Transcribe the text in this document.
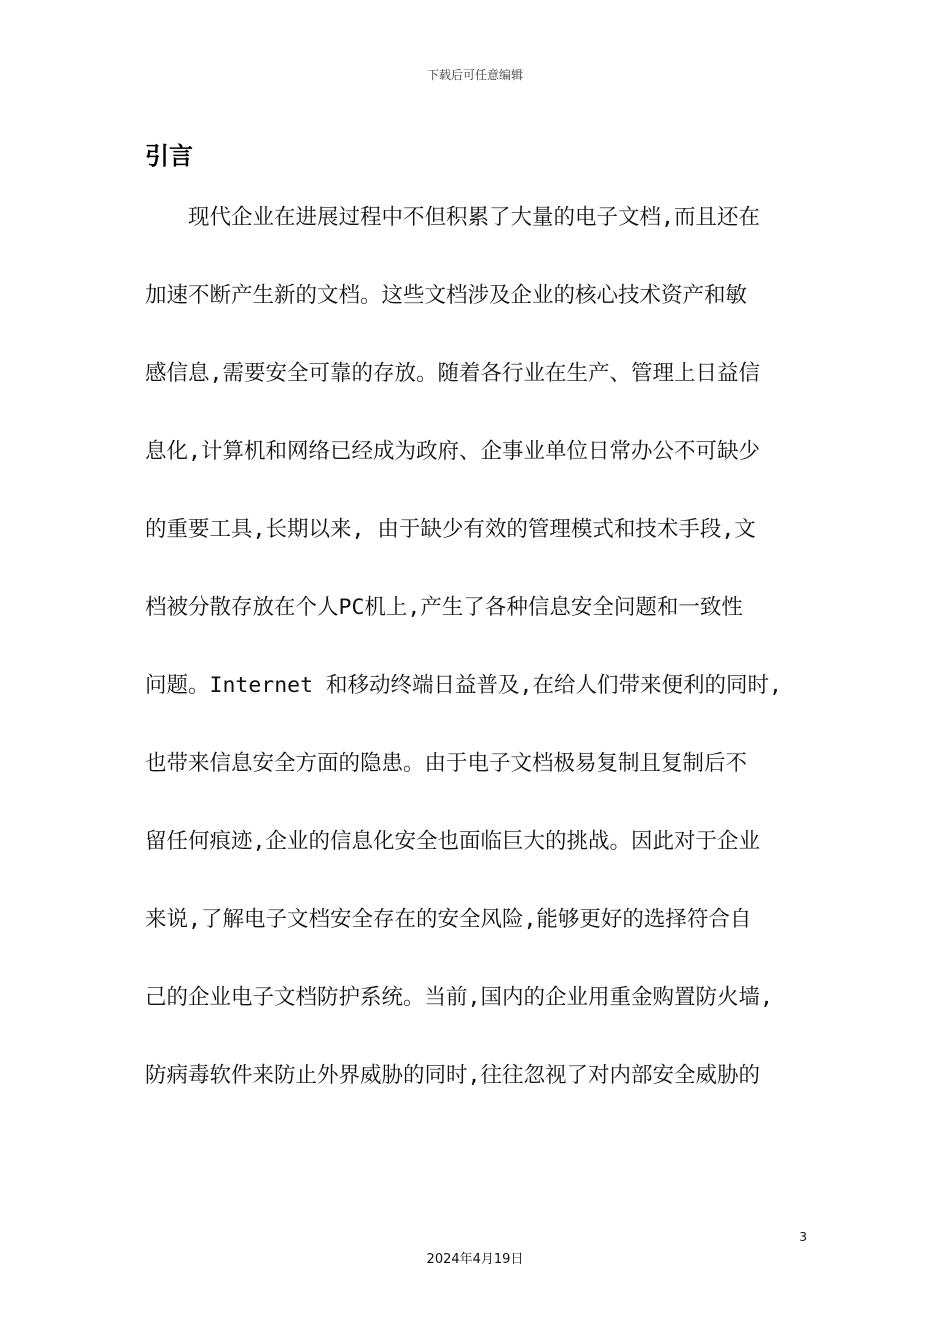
下载后可任意编辑
引言
　　现代企业在进展过程中不但积累了大量的电子文档,而且还在
加速不断产生新的文档。这些文档涉及企业的核心技术资产和敏
感信息,需要安全可靠的存放。随着各行业在生产、管理上日益信
息化,计算机和网络已经成为政府、企事业单位日常办公不可缺少
的重要工具,长期以来, 由于缺少有效的管理模式和技术手段,文
档被分散存放在个人PC机上,产生了各种信息安全问题和一致性
问题。Internet 和移动终端日益普及,在给人们带来便利的同时,
也带来信息安全方面的隐患。由于电子文档极易复制且复制后不
留任何痕迹,企业的信息化安全也面临巨大的挑战。因此对于企业
来说,了解电子文档安全存在的安全风险,能够更好的选择符合自
己的企业电子文档防护系统。当前,国内的企业用重金购置防火墙,
防病毒软件来防止外界威胁的同时,往往忽视了对内部安全威胁的
3
2024年4月19日
